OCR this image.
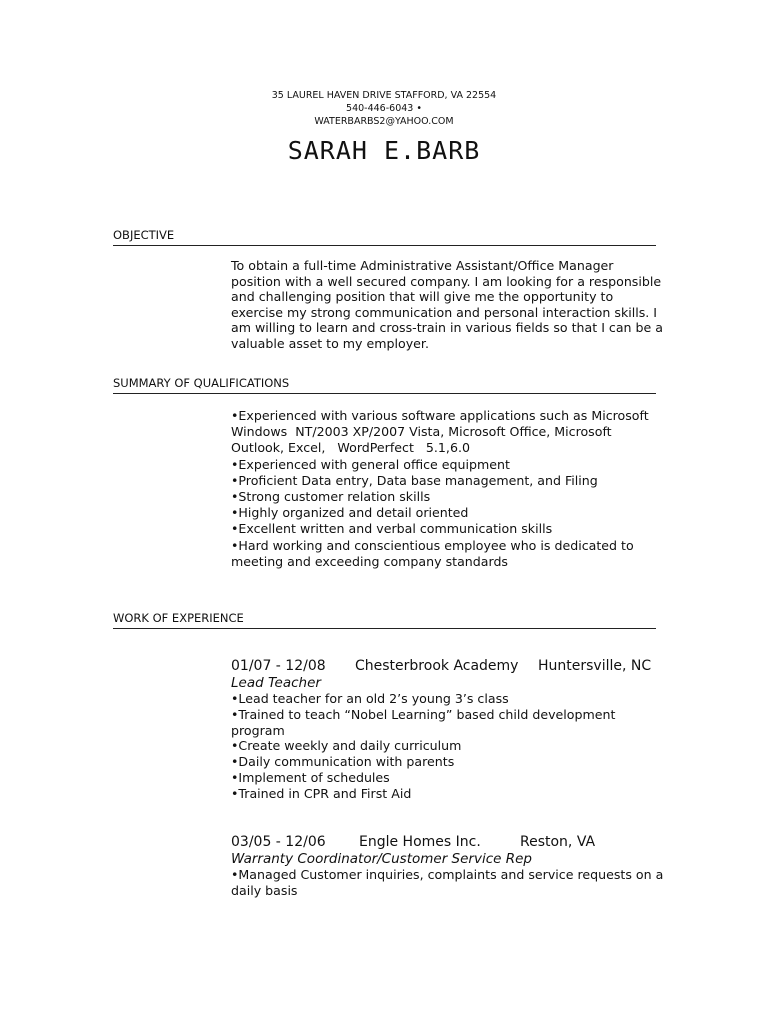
35 LAUREL HAVEN DRIVE STAFFORD, VA 22554
540-446-6043 •
WATERBARBS2@YAHOO.COM
SARAH E.BARB
OBJECTIVE

To obtain a full-time Administrative Assistant/Office Manager position with a well secured company. I am looking for a responsible and challenging position that will give me the opportunity to exercise my strong communication and personal interaction skills. I am willing to learn and cross-train in various fields so that I can be a valuable asset to my employer.

SUMMARY OF QUALIFICATIONS
•Experienced with various software applications such as Microsoft Windows  NT/2003 XP/2007 Vista, Microsoft Office, Microsoft Outlook, Excel,   WordPerfect   5.1,6.0
•Experienced with general office equipment
•Proficient Data entry, Data base management, and Filing
•Strong customer relation skills
•Highly organized and detail oriented
•Excellent written and verbal communication skills
•Hard working and conscientious employee who is dedicated to meeting and exceeding company standards
WORK OF EXPERIENCE
01/07 - 12/08 Chesterbrook Academy Huntersville, NC
Lead Teacher
•Lead teacher for an old 2’s young 3’s class
•Trained to teach “Nobel Learning” based child development program
•Create weekly and daily curriculum
•Daily communication with parents
•Implement of schedules
•Trained in CPR and First Aid
03/05 - 12/06 Engle Homes Inc.	Reston, VA
Warranty Coordinator/Customer Service Rep
•Managed Customer inquiries, complaints and service requests on a daily basis
